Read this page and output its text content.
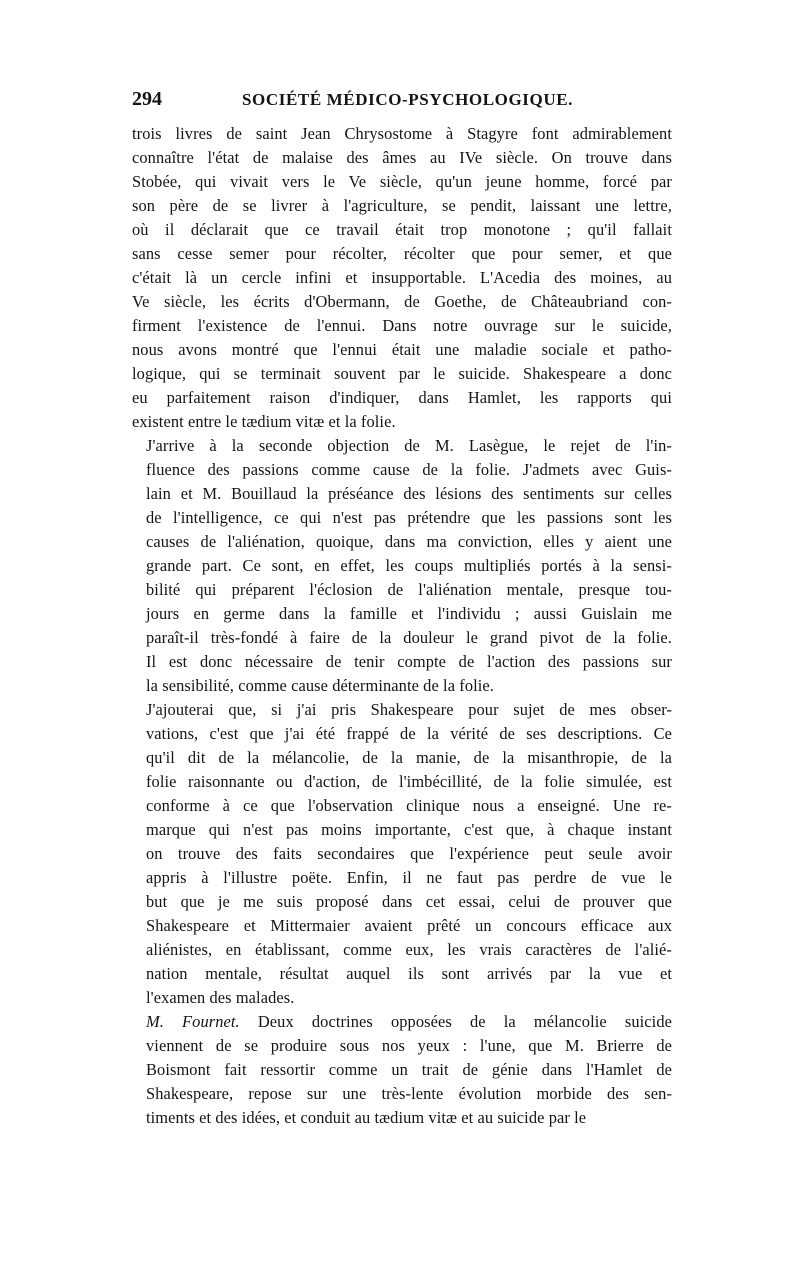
294	SOCIÉTÉ MÉDICO-PSYCHOLOGIQUE.
trois livres de saint Jean Chrysostome à Stagyre font admirablement
connaître l'état de malaise des âmes au IVe siècle. On trouve dans
Stobée, qui vivait vers le Ve siècle, qu'un jeune homme, forcé par
son père de se livrer à l'agriculture, se pendit, laissant une lettre,
où il déclarait que ce travail était trop monotone ; qu'il fallait
sans cesse semer pour récolter, récolter que pour semer, et que
c'était là un cercle infini et insupportable. L'Acedia des moines, au
Ve siècle, les écrits d'Obermann, de Goethe, de Châteaubriand con-
firment l'existence de l'ennui. Dans notre ouvrage sur le suicide,
nous avons montré que l'ennui était une maladie sociale et patho-
logique, qui se terminait souvent par le suicide. Shakespeare a donc
eu parfaitement raison d'indiquer, dans Hamlet, les rapports qui
existent entre le tædium vitæ et la folie.
J'arrive à la seconde objection de M. Lasègue, le rejet de l'in-
fluence des passions comme cause de la folie. J'admets avec Guis-
lain et M. Bouillaud la préséance des lésions des sentiments sur celles
de l'intelligence, ce qui n'est pas prétendre que les passions sont les
causes de l'aliénation, quoique, dans ma conviction, elles y aient une
grande part. Ce sont, en effet, les coups multipliés portés à la sensi-
bilité qui préparent l'éclosion de l'aliénation mentale, presque tou-
jours en germe dans la famille et l'individu ; aussi Guislain me
paraît-il très-fondé à faire de la douleur le grand pivot de la folie.
Il est donc nécessaire de tenir compte de l'action des passions sur
la sensibilité, comme cause déterminante de la folie.
J'ajouterai que, si j'ai pris Shakespeare pour sujet de mes obser-
vations, c'est que j'ai été frappé de la vérité de ses descriptions. Ce
qu'il dit de la mélancolie, de la manie, de la misanthropie, de la
folie raisonnante ou d'action, de l'imbécillité, de la folie simulée, est
conforme à ce que l'observation clinique nous a enseigné. Une re-
marque qui n'est pas moins importante, c'est que, à chaque instant
on trouve des faits secondaires que l'expérience peut seule avoir
appris à l'illustre poëte. Enfin, il ne faut pas perdre de vue le
but que je me suis proposé dans cet essai, celui de prouver que
Shakespeare et Mittermaier avaient prêté un concours efficace aux
aliénistes, en établissant, comme eux, les vrais caractères de l'alié-
nation mentale, résultat auquel ils sont arrivés par la vue et
l'examen des malades.
M. Fournet. Deux doctrines opposées de la mélancolie suicide
viennent de se produire sous nos yeux : l'une, que M. Brierre de
Boismont fait ressortir comme un trait de génie dans l'Hamlet de
Shakespeare, repose sur une très-lente évolution morbide des sen-
timents et des idées, et conduit au tædium vitæ et au suicide par le
